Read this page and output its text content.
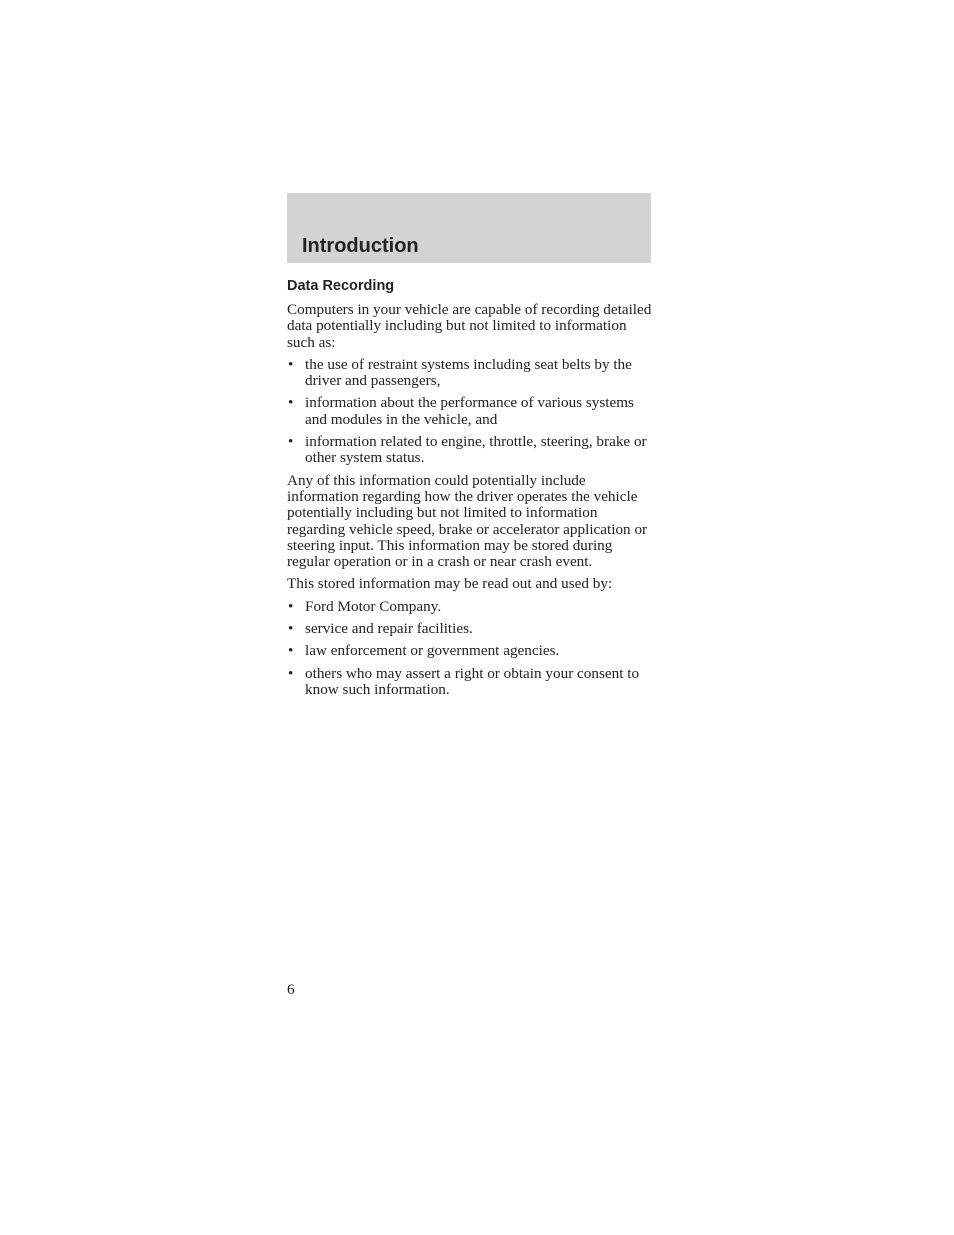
Introduction
Data Recording

Computers in your vehicle are capable of recording detailed data potentially including but not limited to information such as:

• the use of restraint systems including seat belts by the driver and passengers,
• information about the performance of various systems and modules in the vehicle, and
• information related to engine, throttle, steering, brake or other system status.

Any of this information could potentially include information regarding how the driver operates the vehicle potentially including but not limited to information regarding vehicle speed, brake or accelerator application or steering input. This information may be stored during regular operation or in a crash or near crash event.

This stored information may be read out and used by:

• Ford Motor Company.
• service and repair facilities.
• law enforcement or government agencies.
• others who may assert a right or obtain your consent to know such information.
6
